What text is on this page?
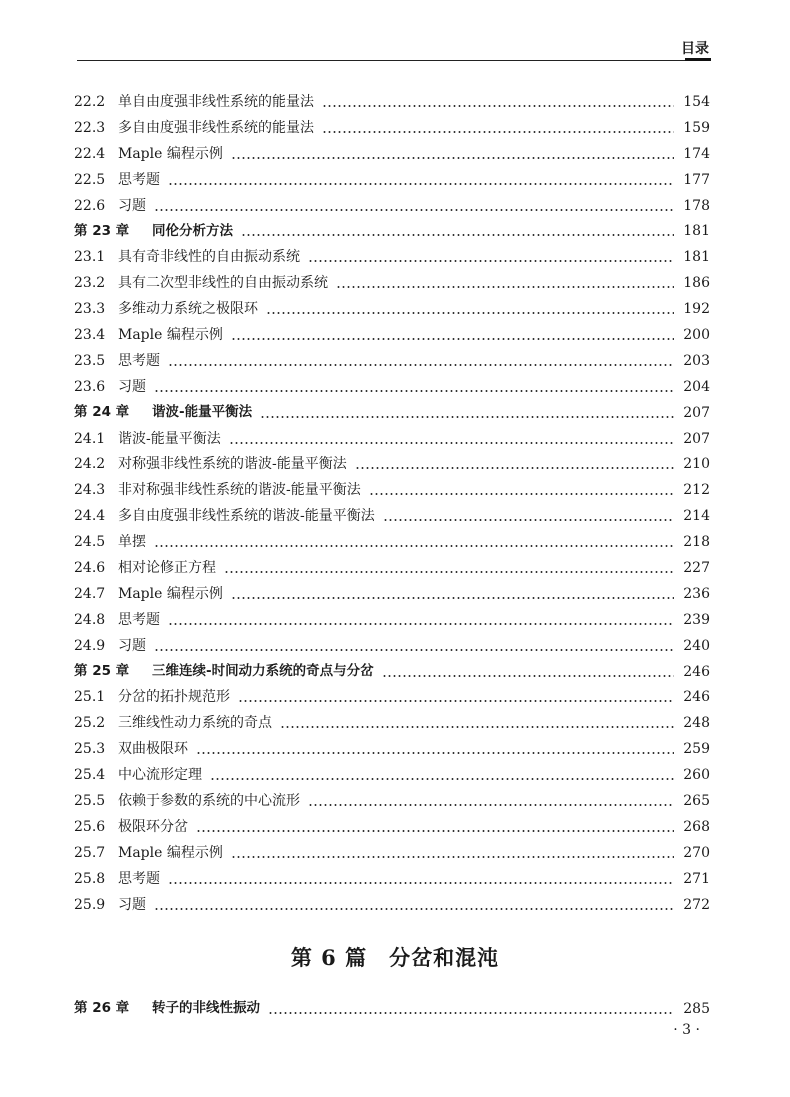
目录
22.2 单自由度强非线性系统的能量法	154
22.3 多自由度强非线性系统的能量法	159
22.4 Maple 编程示例	174
22.5 思考题	177
22.6 习题	178
第 23 章	同伦分析方法	181
23.1 具有奇非线性的自由振动系统	181
23.2 具有二次型非线性的自由振动系统	186
23.3 多维动力系统之极限环	192
23.4 Maple 编程示例	200
23.5 思考题	203
23.6 习题	204
第 24 章	谐波-能量平衡法	207
24.1 谐波-能量平衡法	207
24.2 对称强非线性系统的谐波-能量平衡法	210
24.3 非对称强非线性系统的谐波-能量平衡法	212
24.4 多自由度强非线性系统的谐波-能量平衡法	214
24.5 单摆	218
24.6 相对论修正方程	227
24.7 Maple 编程示例	236
24.8 思考题	239
24.9 习题	240
第 25 章	三维连续-时间动力系统的奇点与分岔	246
25.1 分岔的拓扑规范形	246
25.2 三维线性动力系统的奇点	248
25.3 双曲极限环	259
25.4 中心流形定理	260
25.5 依赖于参数的系统的中心流形	265
25.6 极限环分岔	268
25.7 Maple 编程示例	270
25.8 思考题	271
25.9 习题	272
第 6 篇 分岔和混沌
第 26 章	转子的非线性振动	285
· 3 ·
